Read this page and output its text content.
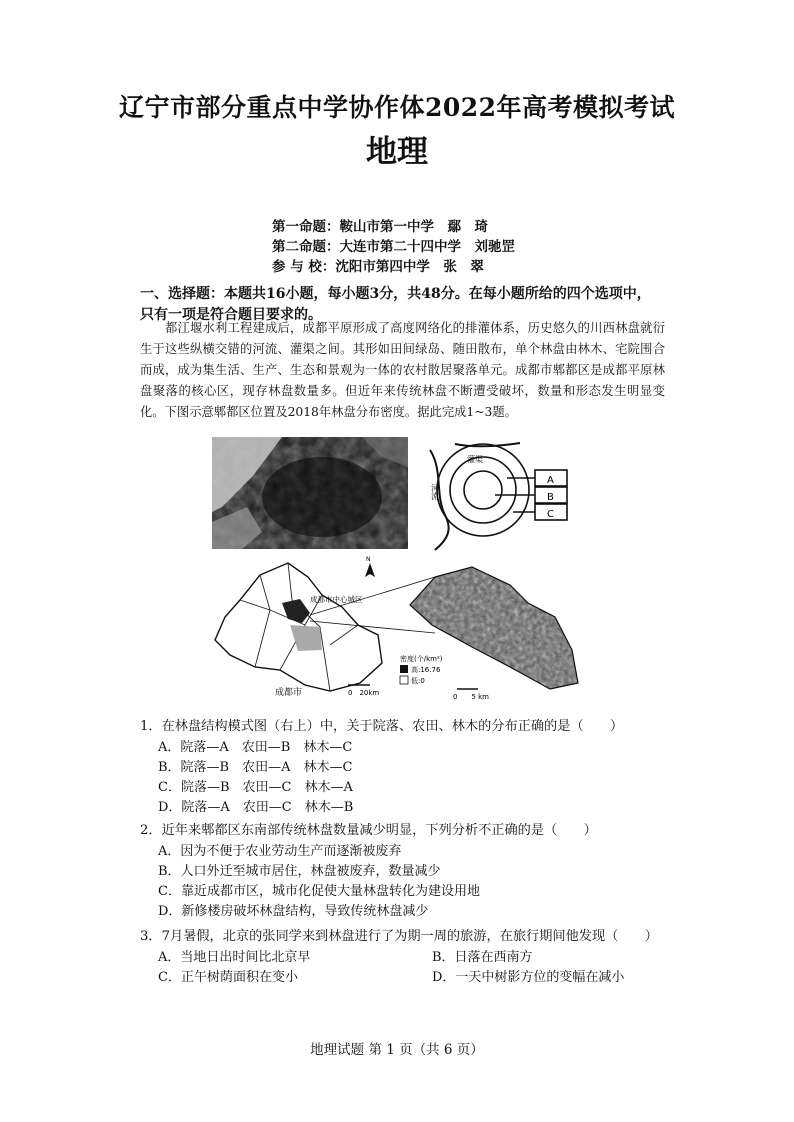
辽宁市部分重点中学协作体2022年高考模拟考试
地理
第一命题：鞍山市第一中学　鄢　琦
第二命题：大连市第二十四中学　刘驰罡
参 与 校：沈阳市第四中学　张　翠
一、选择题：本题共16小题，每小题3分，共48分。在每小题所给的四个选项中，只有一项是符合题目要求的。
都江堰水利工程建成后，成都平原形成了高度网络化的排灌体系，历史悠久的川西林盘就衍生于这些纵横交错的河流、灌渠之间。其形如田间绿岛、随田散布，单个林盘由林木、宅院围合而成，成为集生活、生产、生态和景观为一体的农村散居聚落单元。成都市郫都区是成都平原林盘聚落的核心区，现存林盘数量多。但近年来传统林盘不断遭受破坏，数量和形态发生明显变化。下图示意郫都区位置及2018年林盘分布密度。据此完成1~3题。
A
B
C
灌渠
河流
成都市中心城区
成都市
N
0　20km
密度(个/km²)
高:16.76
低:0
0　　5 km
1．在林盘结构模式图（右上）中，关于院落、农田、林木的分布正确的是（　　）
A．院落—A　农田—B　林木—C
B．院落—B　农田—A　林木—C
C．院落—B　农田—C　林木—A
D．院落—A　农田—C　林木—B
2．近年来郫都区东南部传统林盘数量减少明显，下列分析不正确的是（　　）
A．因为不便于农业劳动生产而逐渐被废弃
B．人口外迁至城市居住，林盘被废弃，数量减少
C．靠近成都市区，城市化促使大量林盘转化为建设用地
D．新修楼房破坏林盘结构，导致传统林盘减少
3．7月暑假，北京的张同学来到林盘进行了为期一周的旅游，在旅行期间他发现（　　）
A．当地日出时间比北京早	B．日落在西南方
C．正午树荫面积在变小	D．一天中树影方位的变幅在减小
地理试题 第 1 页（共 6 页）
